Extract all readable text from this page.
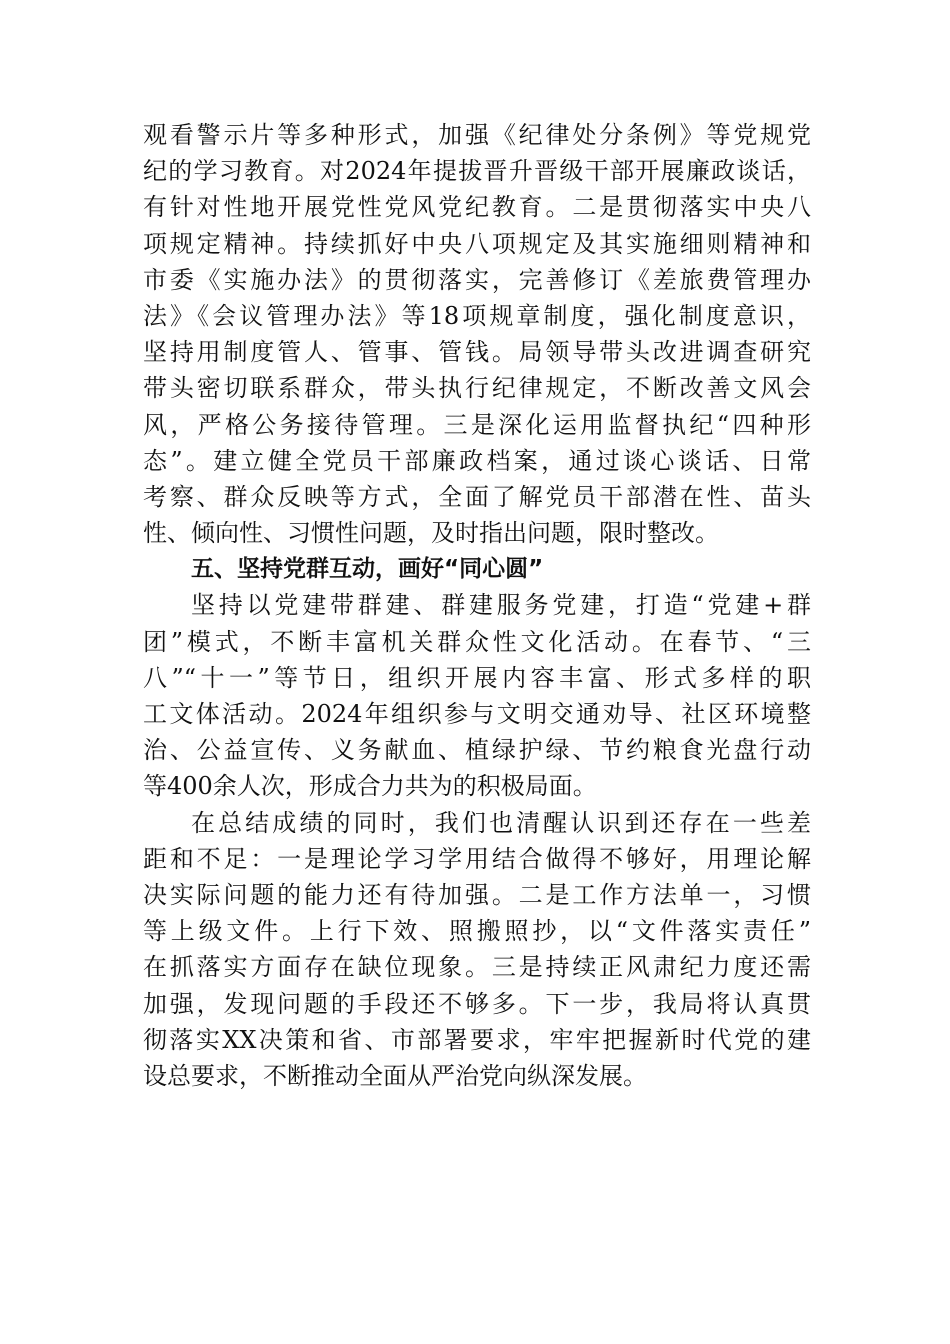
观看警示片等多种形式，加强《纪律处分条例》等党规党
纪的学习教育。对2024年提拔晋升晋级干部开展廉政谈话，
有针对性地开展党性党风党纪教育。二是贯彻落实中央八
项规定精神。持续抓好中央八项规定及其实施细则精神和
市委《实施办法》的贯彻落实，完善修订《差旅费管理办
法》《会议管理办法》等18项规章制度，强化制度意识，
坚持用制度管人、管事、管钱。局领导带头改进调查研究
带头密切联系群众，带头执行纪律规定，不断改善文风会
风，严格公务接待管理。三是深化运用监督执纪“四种形
态”。建立健全党员干部廉政档案，通过谈心谈话、日常
考察、群众反映等方式，全面了解党员干部潜在性、苗头
性、倾向性、习惯性问题，及时指出问题，限时整改。
五、坚持党群互动，画好“同心圆”
坚持以党建带群建、群建服务党建，打造“党建+群
团”模式，不断丰富机关群众性文化活动。在春节、“三
八”“十一”等节日，组织开展内容丰富、形式多样的职
工文体活动。2024年组织参与文明交通劝导、社区环境整
治、公益宣传、义务献血、植绿护绿、节约粮食光盘行动
等400余人次，形成合力共为的积极局面。
在总结成绩的同时，我们也清醒认识到还存在一些差
距和不足：一是理论学习学用结合做得不够好，用理论解
决实际问题的能力还有待加强。二是工作方法单一，习惯
等上级文件。上行下效、照搬照抄，以“文件落实责任”
在抓落实方面存在缺位现象。三是持续正风肃纪力度还需
加强，发现问题的手段还不够多。下一步，我局将认真贯
彻落实XX决策和省、市部署要求，牢牢把握新时代党的建
设总要求，不断推动全面从严治党向纵深发展。
